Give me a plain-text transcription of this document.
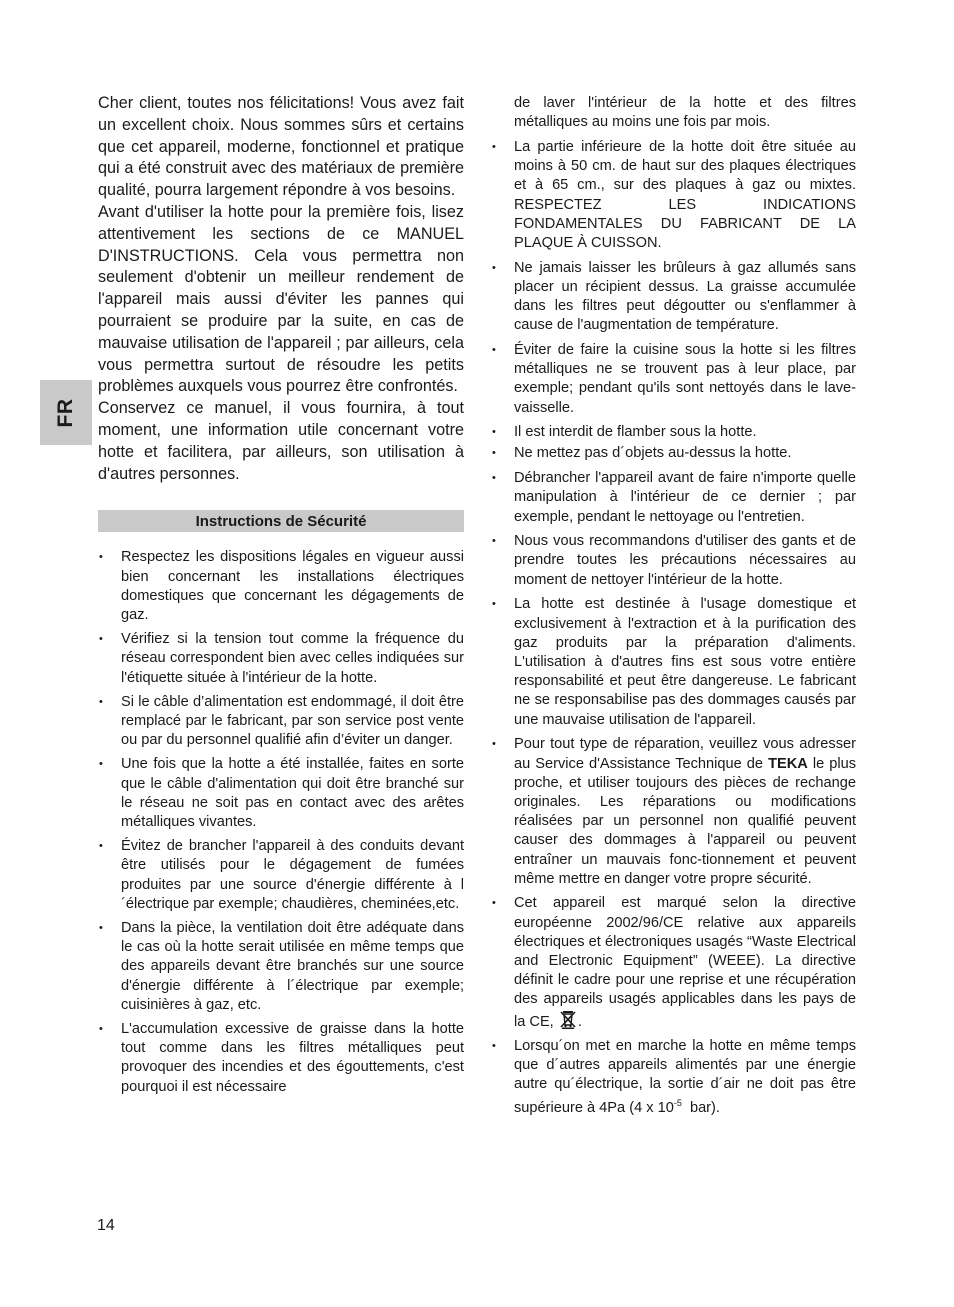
FR

Cher client, toutes nos félicitations! Vous avez fait un excellent choix. Nous sommes sûrs et certains que cet appareil, moderne, fonctionnel et pratique qui a été construit avec des matériaux de première qualité, pourra largement répondre à vos besoins.

Avant d'utiliser la hotte pour la première fois, lisez attentivement les sections de ce MANUEL D'INSTRUCTIONS. Cela vous permettra non seulement d'obtenir un meilleur rendement de l'appareil mais aussi d'éviter les pannes qui pourraient se produire par la suite, en cas de mauvaise utilisation de l'appareil ; par ailleurs, cela vous permettra surtout de résoudre les petits problèmes auxquels vous pourrez être confrontés.

Conservez ce manuel, il vous fournira, à tout moment, une information utile concernant votre hotte et facilitera, par ailleurs, son utilisation à d'autres personnes.

Instructions de Sécurité
• Respectez les dispositions légales en vigueur aussi bien concernant les installations électriques domestiques que concernant les dégagements de gaz.
• Vérifiez si la tension tout comme la fréquence du réseau correspondent bien avec celles indiquées sur l'étiquette située à l'intérieur de la hotte.
• Si le câble d’alimentation est endommagé, il doit être remplacé par le fabricant, par son service post vente ou par du personnel qualifié afin d’éviter un danger.
• Une fois que la hotte a été installée, faites en sorte que le câble d'alimentation qui doit être branché sur le réseau ne soit pas en contact avec des arêtes métalliques vivantes.
• Évitez de brancher l'appareil à des conduits devant être utilisés pour le dégagement de fumées produites par une source d'énergie différente à l´électrique par exemple; chaudières, cheminées,etc.
• Dans la pièce, la ventilation doit être adéquate dans le cas où la hotte serait utilisée en même temps que des appareils devant être branchés sur une source d'énergie différente à l´électrique par exemple; cuisinières à gaz, etc.
• L'accumulation excessive de graisse dans la hotte tout comme dans les filtres métalliques peut provoquer des incendies et des égouttements, c'est pourquoi il est nécessaire
de laver l'intérieur de la hotte et des filtres métalliques au moins une fois par mois.
• La partie inférieure de la hotte doit être située au moins à 50 cm. de haut sur des plaques électriques et à 65 cm., sur des plaques à gaz ou mixtes. RESPECTEZ LES INDICATIONS FONDAMENTALES DU FABRICANT DE LA PLAQUE À CUISSON.
• Ne jamais laisser les brûleurs à gaz allumés sans placer un récipient dessus. La graisse accumulée dans les filtres peut dégoutter ou s'enflammer à cause de l'augmentation de température.
• Éviter de faire la cuisine sous la hotte si les filtres métalliques ne se trouvent pas à leur place, par exemple; pendant qu'ils sont nettoyés dans le lave-vaisselle.
• Il est interdit de flamber sous la hotte.
• Ne mettez pas d´objets au-dessus la hotte.
• Débrancher l'appareil avant de faire n'importe quelle manipulation à l'intérieur de ce dernier ; par exemple, pendant le nettoyage ou l'entretien.
• Nous vous recommandons d'utiliser des gants et de prendre toutes les précautions nécessaires au moment de nettoyer l'intérieur de la hotte.
• La hotte est destinée à l'usage domestique et exclusivement à l'extraction et à la purification des gaz produits par la préparation d'aliments. L'utilisation à d'autres fins est sous votre entière responsabilité et peut être dangereuse. Le fabricant ne se responsabilise pas des dommages causés par une mauvaise utilisation de l'appareil.
• Pour tout type de réparation, veuillez vous adresser au Service d'Assistance Technique de TEKA le plus proche, et utiliser toujours des pièces de rechange originales. Les réparations ou modifications réalisées par un personnel non qualifié peuvent causer des dommages à l'appareil ou peuvent entraîner un mauvais fonc-tionnement et peuvent même mettre en danger votre propre sécurité.
• Cet appareil est marqué selon la directive européenne 2002/96/CE relative aux appareils électriques et électroniques usagés “Waste Electrical and Electronic Equipment” (WEEE). La directive définit le cadre pour une reprise et une récupération des appareils usagés applicables dans les pays de la CE, .
• Lorsqu´on met en marche la hotte en même temps que d´autres appareils alimentés par une énergie autre qu´électrique, la sortie d´air ne doit pas être supérieure à 4Pa (4 x $10^{-5}$  bar).
14
